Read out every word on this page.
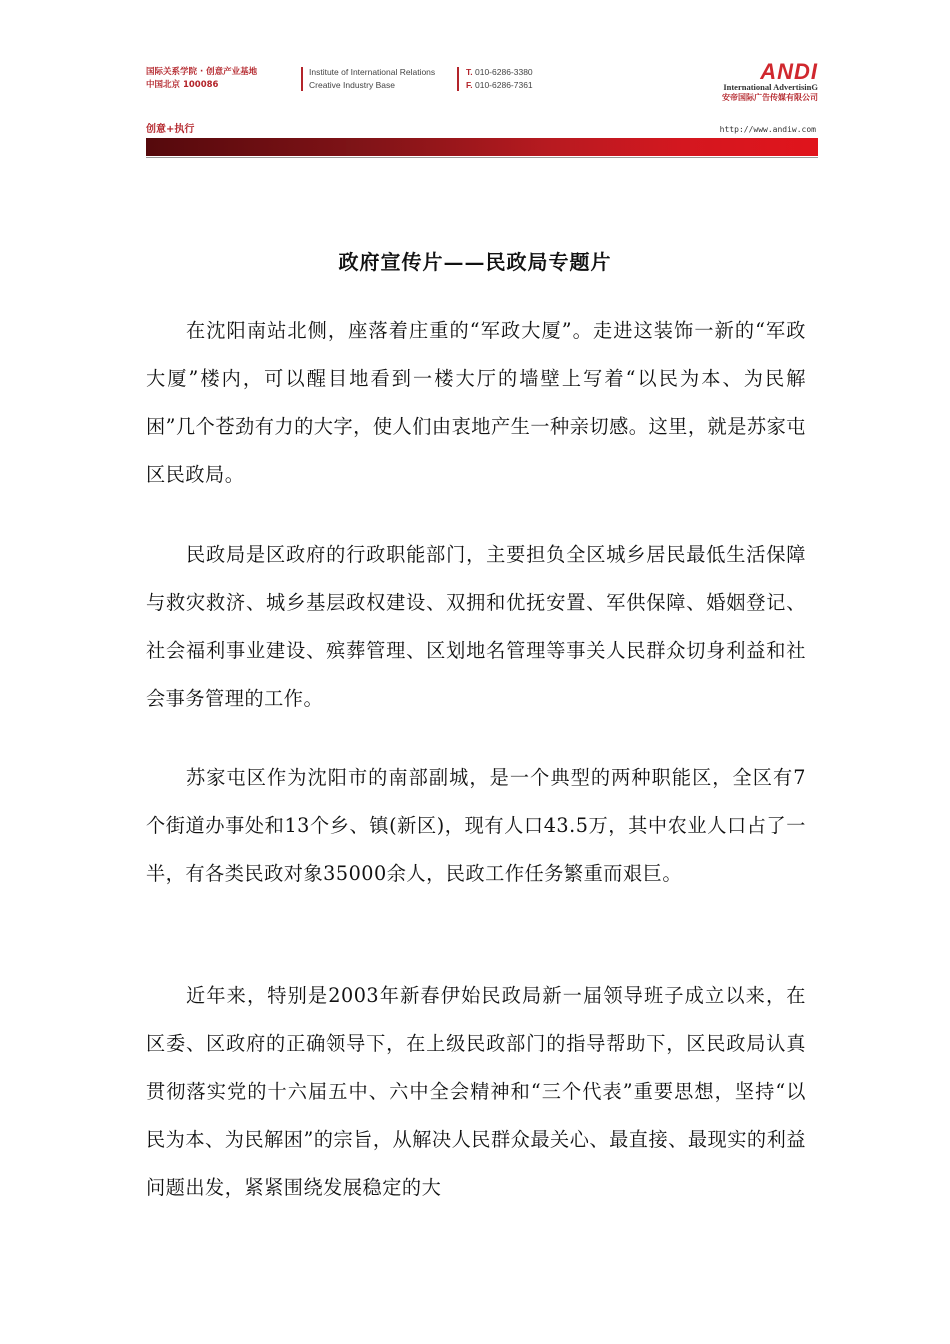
国际关系学院 · 创意产业基地
中国北京 100086
Institute of International Relations
Creative Industry Base
T. 010-6286-3380
F. 010-6286-7361
ANDI
International AdvertisinG
安帝国际广告传媒有限公司
创意+执行	http://www.andiw.com
政府宣传片——民政局专题片
在沈阳南站北侧，座落着庄重的“军政大厦”。走进这装饰一新的“军政大厦”楼内，可以醒目地看到一楼大厅的墙壁上写着“以民为本、为民解困”几个苍劲有力的大字，使人们由衷地产生一种亲切感。这里，就是苏家屯区民政局。
民政局是区政府的行政职能部门，主要担负全区城乡居民最低生活保障与救灾救济、城乡基层政权建设、双拥和优抚安置、军供保障、婚姻登记、社会福利事业建设、殡葬管理、区划地名管理等事关人民群众切身利益和社会事务管理的工作。
苏家屯区作为沈阳市的南部副城，是一个典型的两种职能区，全区有7个街道办事处和13个乡、镇(新区)，现有人口43.5万，其中农业人口占了一半，有各类民政对象35000余人，民政工作任务繁重而艰巨。
近年来，特别是2003年新春伊始民政局新一届领导班子成立以来，在区委、区政府的正确领导下，在上级民政部门的指导帮助下，区民政局认真贯彻落实党的十六届五中、六中全会精神和“三个代表”重要思想，坚持“以民为本、为民解困”的宗旨，从解决人民群众最关心、最直接、最现实的利益问题出发，紧紧围绕发展稳定的大
